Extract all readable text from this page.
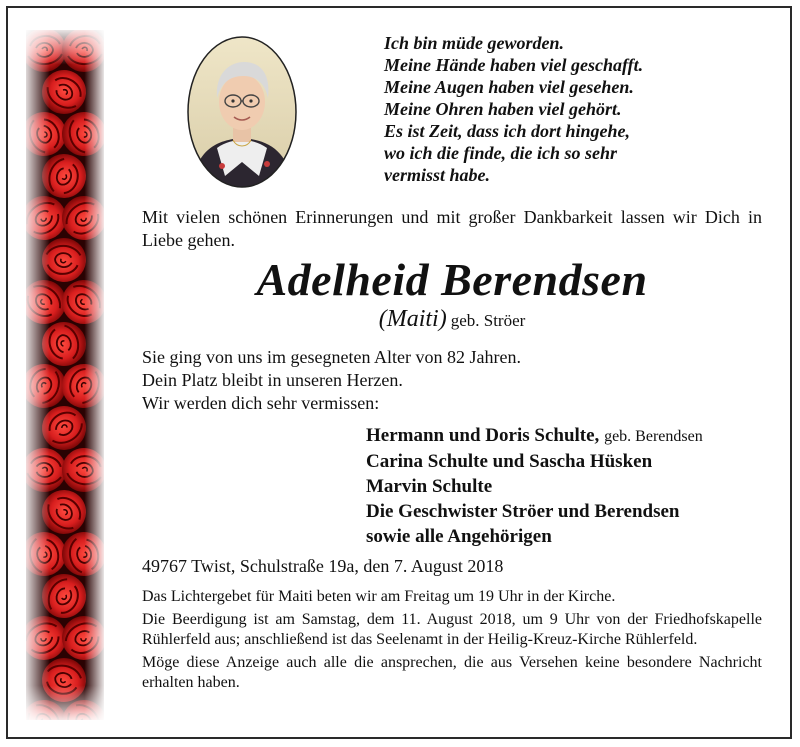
Ich bin müde geworden.
Meine Hände haben viel geschafft.
Meine Augen haben viel gesehen.
Meine Ohren haben viel gehört.
Es ist Zeit, dass ich dort hingehe,
wo ich die finde, die ich so sehr
vermisst habe.
Mit vielen schönen Erinnerungen und mit großer Dankbarkeit lassen wir Dich in Liebe gehen.
Adelheid Berendsen
(Maiti) geb. Ströer
Sie ging von uns im gesegneten Alter von 82 Jahren.
Dein Platz bleibt in unseren Herzen.
Wir werden dich sehr vermissen:
Hermann und Doris Schulte, geb. Berendsen
Carina Schulte und Sascha Hüsken
Marvin Schulte
Die Geschwister Ströer und Berendsen
sowie alle Angehörigen
49767 Twist, Schulstraße 19a, den 7. August 2018

Das Lichtergebet für Maiti beten wir am Freitag um 19 Uhr in der Kirche.

Die Beerdigung ist am Samstag, dem 11. August 2018, um 9 Uhr von der Friedhofskapelle Rühlerfeld aus; anschließend ist das Seelenamt in der Heilig-Kreuz-Kirche Rühlerfeld.

Möge diese Anzeige auch alle die ansprechen, die aus Versehen keine besondere Nachricht erhalten haben.
